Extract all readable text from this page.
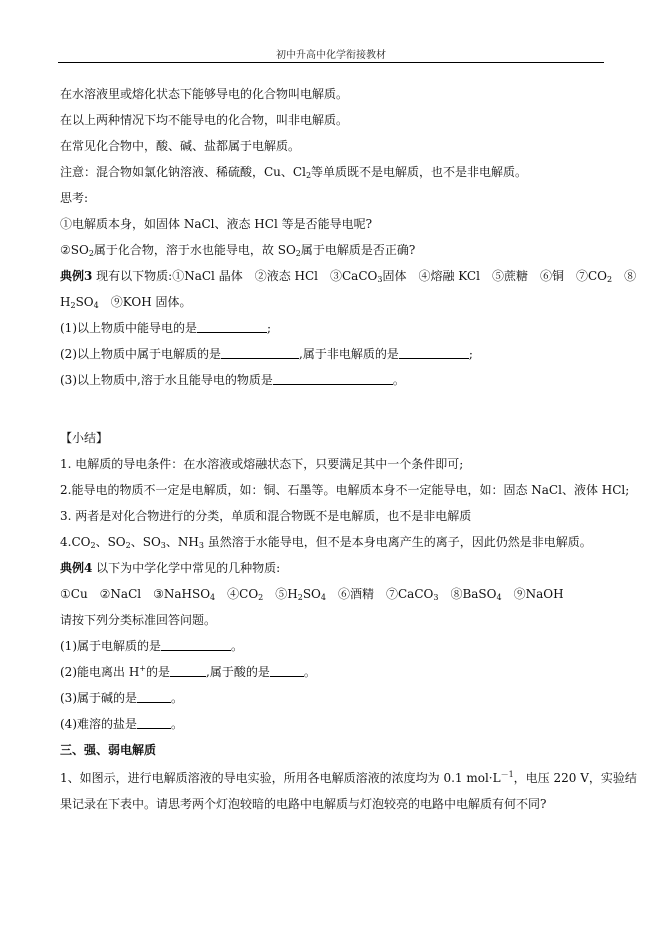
初中升高中化学衔接教材
在水溶液里或熔化状态下能够导电的化合物叫电解质。
在以上两种情况下均不能导电的化合物，叫非电解质。
在常见化合物中，酸、碱、盐都属于电解质。
注意：混合物如氯化钠溶液、稀硫酸，Cu、$Cl_2$等单质既不是电解质，也不是非电解质。
思考:
①电解质本身，如固体 NaCl、液态 HCl 等是否能导电呢?
$②SO_2$属于化合物，溶于水也能导电，故 $SO_2$属于电解质是否正确?
典例3 现有以下物质:①NaCl 晶体　②液态 HCl　③CaCO$_3$固体　④熔融 KCl　⑤蔗糖　⑥铜　$⑦CO_2$　⑧
$H_2SO_4$　⑨KOH 固体。
(1)以上物质中能导电的是	;
(2)以上物质中属于电解质的是	,属于非电解质的是	;
(3)以上物质中,溶于水且能导电的物质是	。
【小结】
1. 电解质的导电条件：在水溶液或熔融状态下，只要满足其中一个条件即可;
2.能导电的物质不一定是电解质，如：铜、石墨等。电解质本身不一定能导电，如：固态 NaCl、液体 HCl;
3. 两者是对化合物进行的分类，单质和混合物既不是电解质，也不是非电解质
$4.CO_2$、$SO_2$、$SO_3$、$NH_3$ 虽然溶于水能导电，但不是本身电离产生的离子，因此仍然是非电解质。
典例4 以下为中学化学中常见的几种物质:
①Cu　②NaCl　③NaHSO$_4$　$④CO_2$　$⑤H_2SO_4$　⑥酒精　⑦CaCO$_3$　⑧BaSO$_4$　⑨NaOH
请按下列分类标准回答问题。
(1)属于电解质的是	。
(2)能电离出 H+的是	,属于酸的是	。
(3)属于碱的是	。
(4)难溶的盐是	。
三、强、弱电解质
1、如图示，进行电解质溶液的导电实验，所用各电解质溶液的浓度均为 0.1 $mol\cdot L^{-1}$，电压 220 V，实验结
果记录在下表中。请思考两个灯泡较暗的电路中电解质与灯泡较亮的电路中电解质有何不同?
